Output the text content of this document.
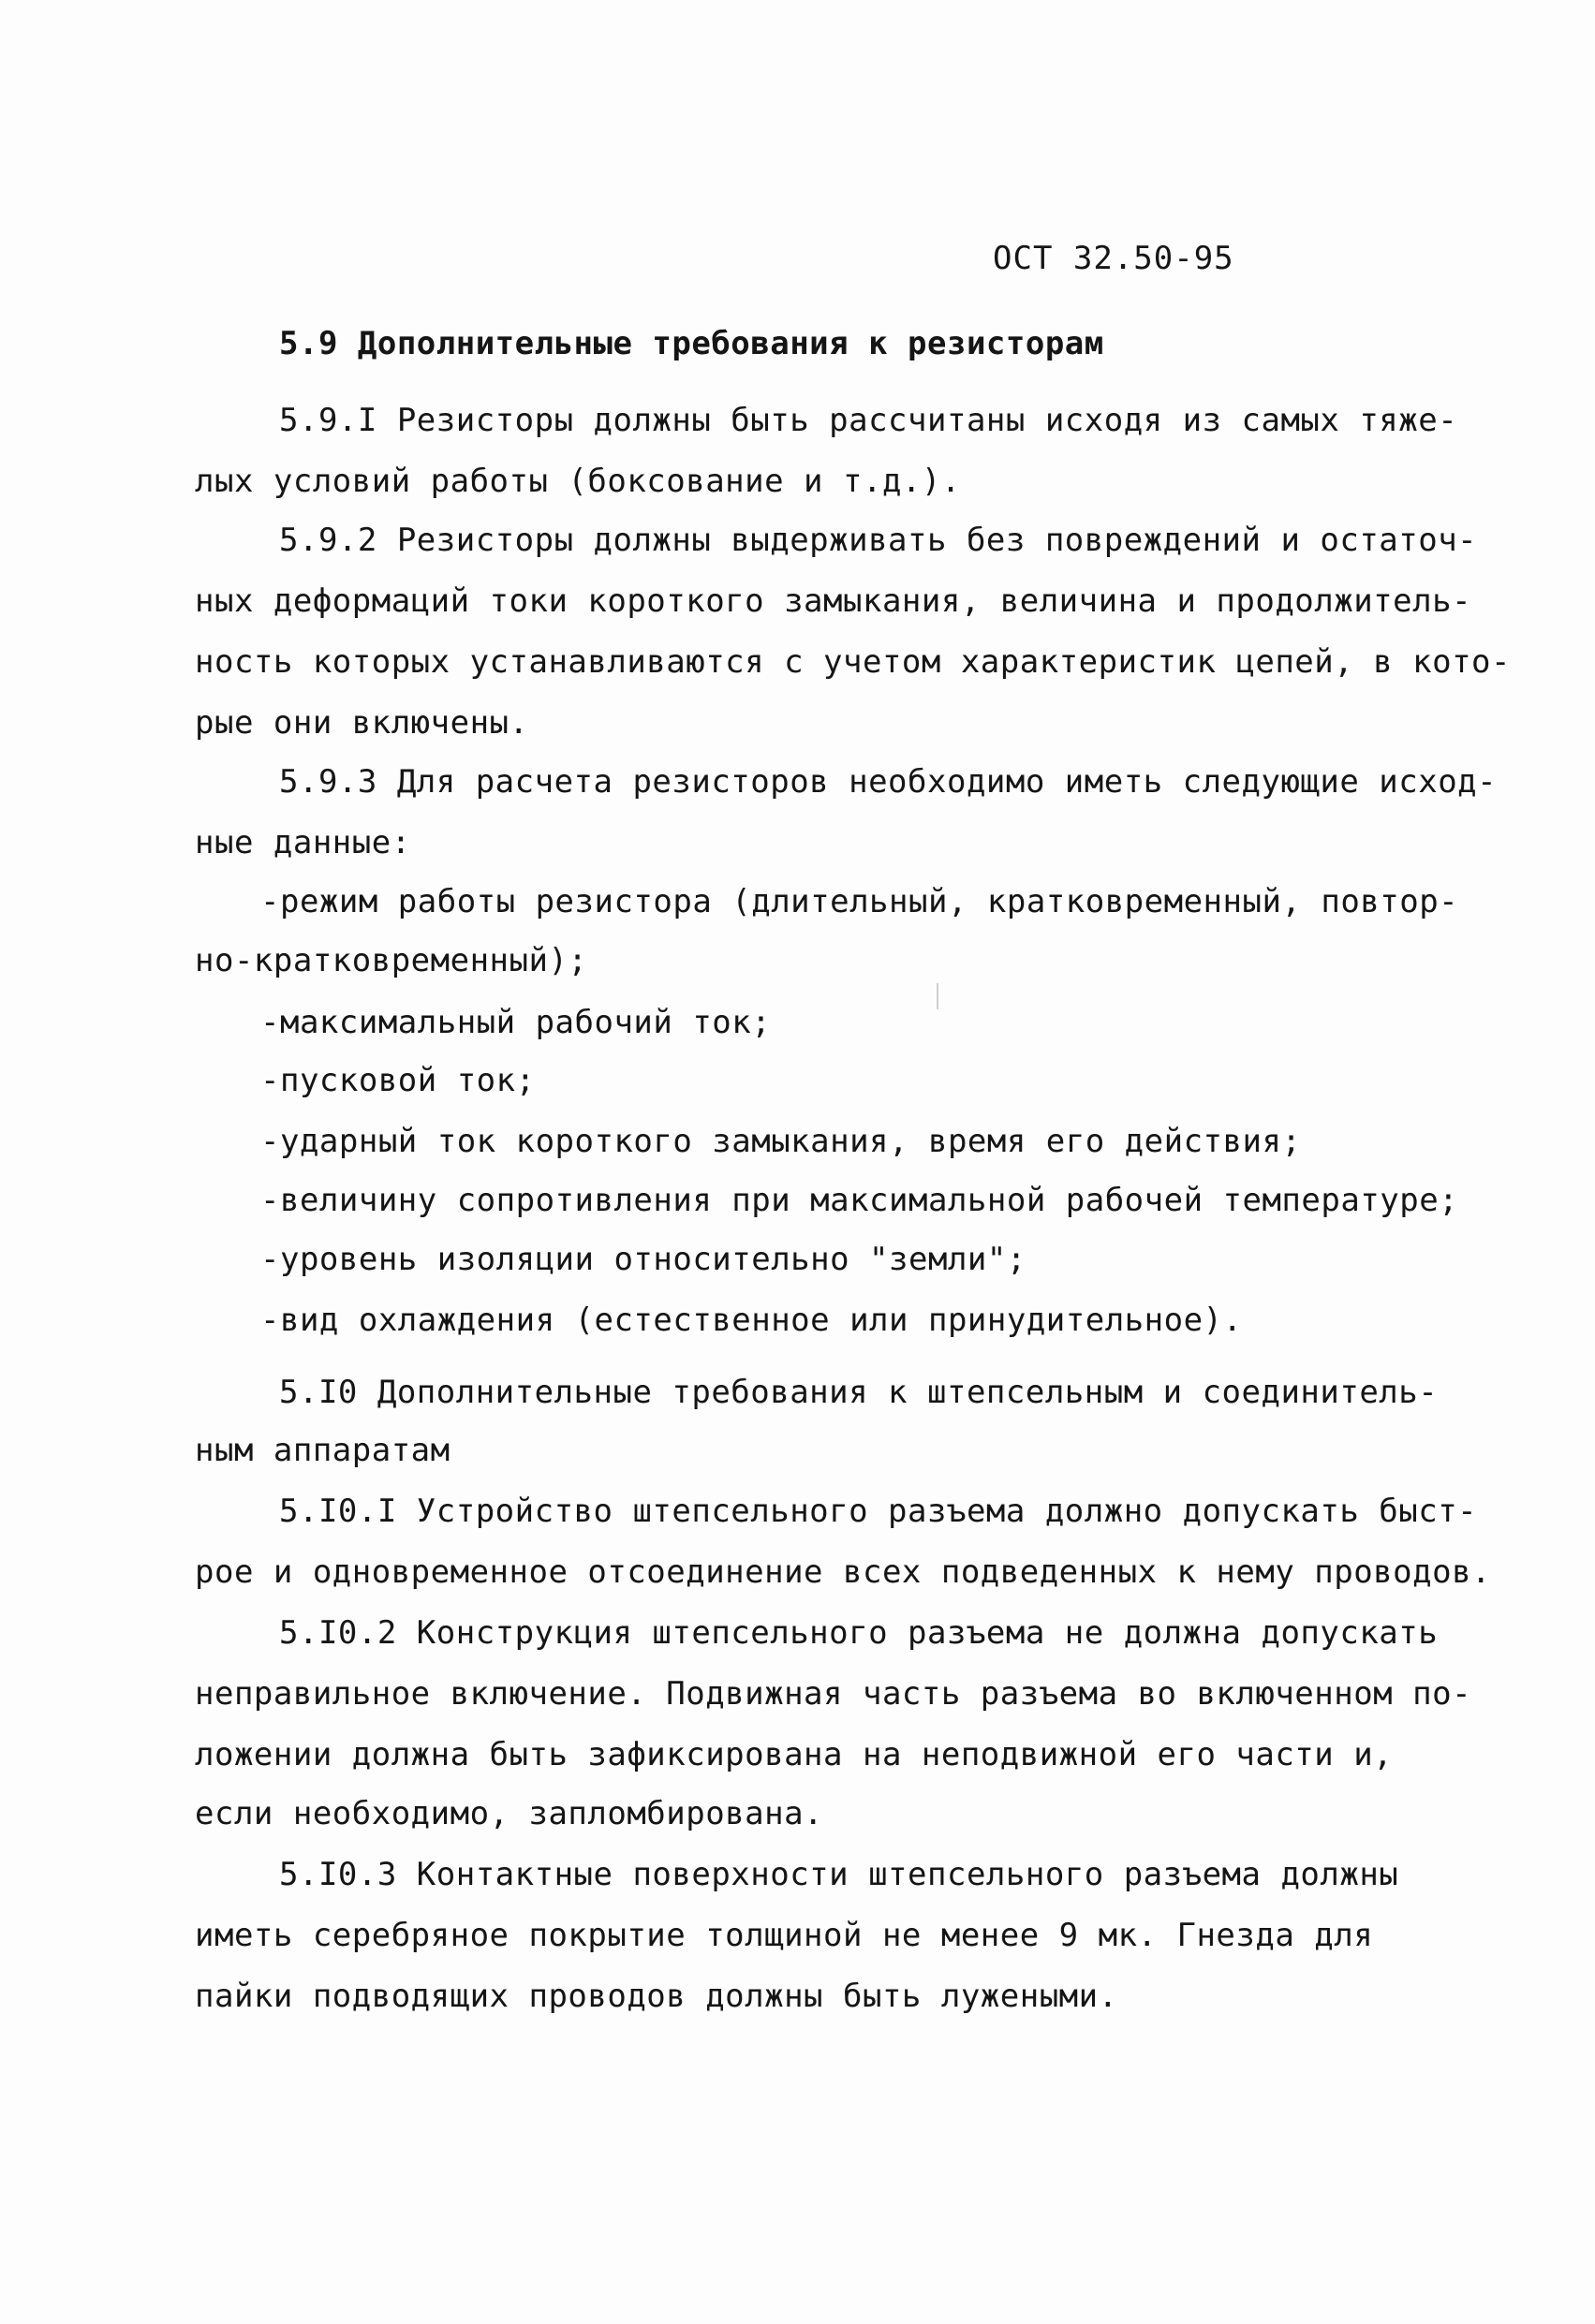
ОСТ 32.50-95
5.9 Дополнительные требования к резисторам
5.9.I Резисторы должны быть рассчитаны исходя из самых тяже-
лых условий работы (боксование и т.д.).
5.9.2 Резисторы должны выдерживать без повреждений и остаточ-
ных деформаций токи короткого замыкания, величина и продолжитель-
ность которых устанавливаются с учетом характеристик цепей, в кото-
рые они включены.
5.9.3 Для расчета резисторов необходимо иметь следующие исход-
ные данные:
-режим работы резистора (длительный, кратковременный, повтор-
но-кратковременный);
-максимальный рабочий ток;
-пусковой ток;
-ударный ток короткого замыкания, время его действия;
-величину сопротивления при максимальной рабочей температуре;
-уровень изоляции относительно "земли";
-вид охлаждения (естественное или принудительное).
5.I0 Дополнительные требования к штепсельным и соединитель-
ным аппаратам
5.I0.I Устройство штепсельного разъема должно допускать быст-
рое и одновременное отсоединение всех подведенных к нему проводов.
5.I0.2 Конструкция штепсельного разъема не должна допускать
неправильное включение. Подвижная часть разъема во включенном по-
ложении должна быть зафиксирована на неподвижной его части и,
если необходимо, запломбирована.
5.I0.3 Контактные поверхности штепсельного разъема должны
иметь серебряное покрытие толщиной не менее 9 мк. Гнезда для
пайки подводящих проводов должны быть лужеными.
